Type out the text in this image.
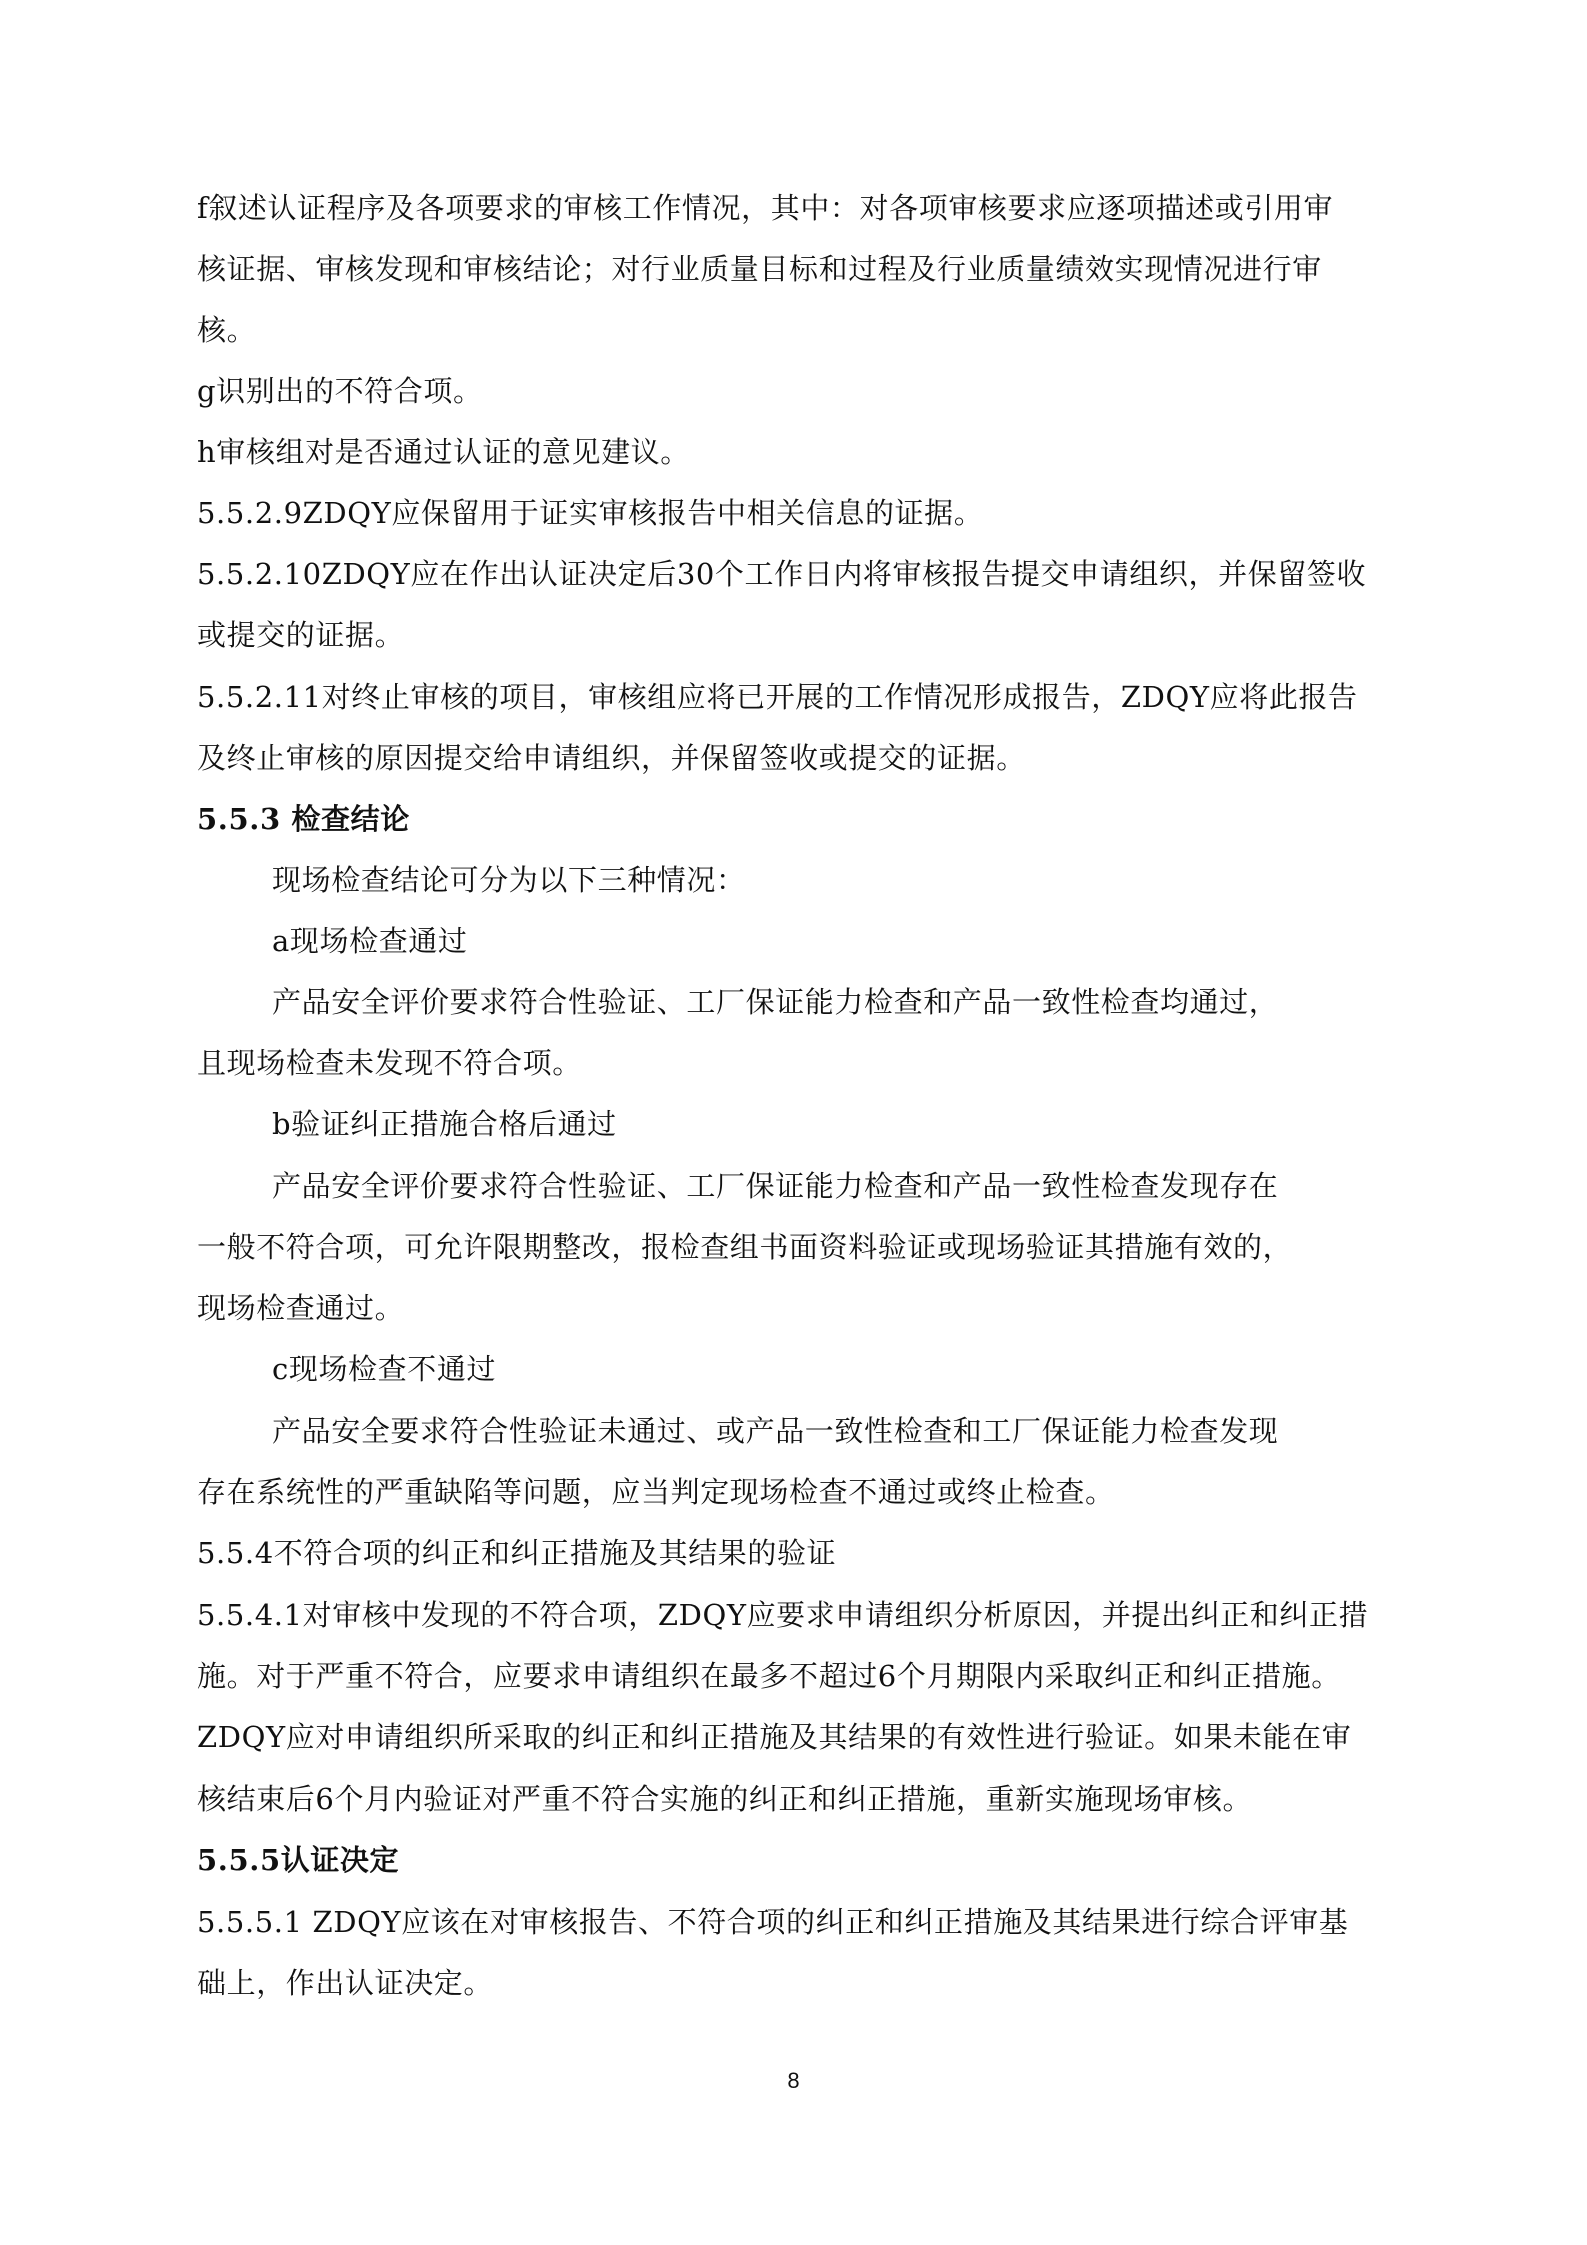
f叙述认证程序及各项要求的审核工作情况，其中：对各项审核要求应逐项描述或引用审
核证据、审核发现和审核结论；对行业质量目标和过程及行业质量绩效实现情况进行审
核。
g识别出的不符合项。
h审核组对是否通过认证的意见建议。
5.5.2.9ZDQY应保留用于证实审核报告中相关信息的证据。
5.5.2.10ZDQY应在作出认证决定后30个工作日内将审核报告提交申请组织，并保留签收
或提交的证据。
5.5.2.11对终止审核的项目，审核组应将已开展的工作情况形成报告，ZDQY应将此报告
及终止审核的原因提交给申请组织，并保留签收或提交的证据。
5.5.3 检查结论
现场检查结论可分为以下三种情况：
a现场检查通过
产品安全评价要求符合性验证、工厂保证能力检查和产品一致性检查均通过，
且现场检查未发现不符合项。
b验证纠正措施合格后通过
产品安全评价要求符合性验证、工厂保证能力检查和产品一致性检查发现存在
一般不符合项，可允许限期整改，报检查组书面资料验证或现场验证其措施有效的，
现场检查通过。
c现场检查不通过
产品安全要求符合性验证未通过、或产品一致性检查和工厂保证能力检查发现
存在系统性的严重缺陷等问题，应当判定现场检查不通过或终止检查。
5.5.4不符合项的纠正和纠正措施及其结果的验证
5.5.4.1对审核中发现的不符合项，ZDQY应要求申请组织分析原因，并提出纠正和纠正措
施。对于严重不符合，应要求申请组织在最多不超过6个月期限内采取纠正和纠正措施。
ZDQY应对申请组织所采取的纠正和纠正措施及其结果的有效性进行验证。如果未能在审
核结束后6个月内验证对严重不符合实施的纠正和纠正措施，重新实施现场审核。
5.5.5认证决定
5.5.5.1 ZDQY应该在对审核报告、不符合项的纠正和纠正措施及其结果进行综合评审基
础上，作出认证决定。
8
